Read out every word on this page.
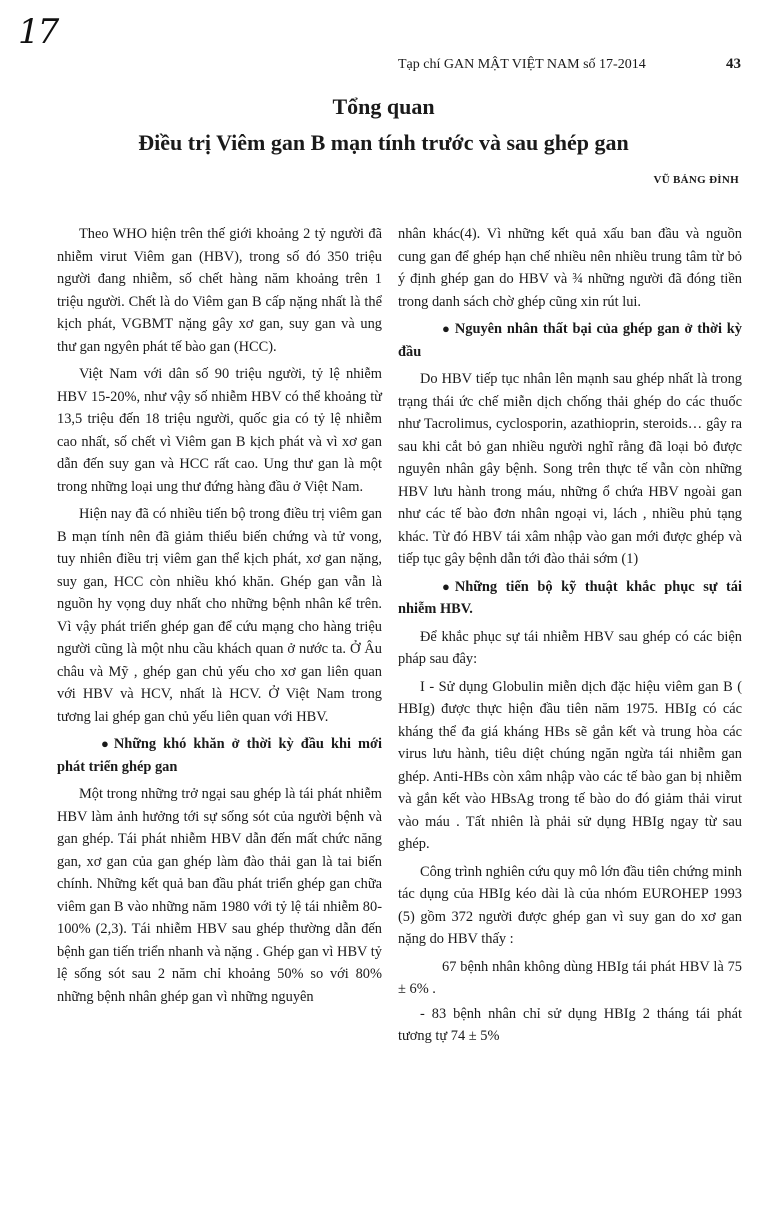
17
Tạp chí GAN MẬT VIỆT NAM số 17-2014	43
Tổng quan
Điều trị Viêm gan B mạn tính trước và sau ghép gan
VŨ BẢNG ĐÌNH

Theo WHO hiện trên thế giới khoảng 2 tỷ người đã nhiễm virut Viêm gan (HBV), trong số đó 350 triệu người đang nhiễm, số chết hàng năm khoảng trên 1 triệu người. Chết là do Viêm gan B cấp nặng nhất là thể kịch phát, VGBMT nặng gây xơ gan, suy gan và ung thư gan ngyên phát tế bào gan (HCC).

Việt Nam với dân số 90 triệu người, tỷ lệ nhiễm HBV 15-20%, như vậy số nhiễm HBV có thể khoảng từ 13,5 triệu đến 18 triệu người, quốc gia có tỷ lệ nhiễm cao nhất, số chết vì Viêm gan B kịch phát và vì xơ gan dẫn đến suy gan và HCC rất cao. Ung thư gan là một trong những loại ung thư đứng hàng đầu ở Việt Nam.

Hiện nay đã có nhiều tiến bộ trong điều trị viêm gan B mạn tính nên đã giảm thiểu biến chứng và tử vong, tuy nhiên điều trị viêm gan thể kịch phát, xơ gan nặng, suy gan, HCC còn nhiều khó khăn. Ghép gan vẫn là nguồn hy vọng duy nhất cho những bệnh nhân kể trên. Vì vậy phát triển ghép gan để cứu mạng cho hàng triệu người cũng là một nhu cầu khách quan ở nước ta. Ở Âu châu và Mỹ , ghép gan chủ yếu cho xơ gan liên quan với HBV và HCV, nhất là HCV. Ở Việt Nam trong tương lai ghép gan chủ yếu liên quan với HBV.

● Những khó khăn ở thời kỳ đầu khi mới phát triển ghép gan

Một trong những trở ngại sau ghép là tái phát nhiễm HBV làm ảnh hưởng tới sự sống sót của người bệnh và gan ghép. Tái phát nhiễm HBV dẫn đến mất chức năng gan, xơ gan của gan ghép làm đào thải gan là tai biến chính. Những kết quả ban đầu phát triển ghép gan chữa viêm gan B vào những năm 1980 với tỷ lệ tái nhiễm 80-100% (2,3). Tái nhiễm HBV sau ghép thường dẫn đến bệnh gan tiến triển nhanh và nặng . Ghép gan vì HBV tỷ lệ sống sót sau 2 năm chỉ khoảng 50% so với 80% những bệnh nhân ghép gan vì những nguyên

nhân khác(4). Vì những kết quả xấu ban đầu và nguồn cung gan để ghép hạn chế nhiều nên nhiều trung tâm từ bỏ ý định ghép gan do HBV và ¾ những người đã đóng tiền trong danh sách chờ ghép cũng xin rút lui.

● Nguyên nhân thất bại của ghép gan ở thời kỳ đầu

Do HBV tiếp tục nhân lên mạnh sau ghép nhất là trong trạng thái ức chế miễn dịch chống thải ghép do các thuốc như Tacrolimus, cyclosporin, azathioprin, steroids… gây ra sau khi cắt bỏ gan nhiều người nghĩ rằng đã loại bỏ được nguyên nhân gây bệnh. Song trên thực tế vẫn còn những HBV lưu hành trong máu, những ổ chứa HBV ngoài gan như các tế bào đơn nhân ngoại vi, lách , nhiều phủ tạng khác. Từ đó HBV tái xâm nhập vào gan mới được ghép và tiếp tục gây bệnh dẫn tới đào thải sớm (1)

● Những tiến bộ kỹ thuật khắc phục sự tái nhiễm HBV.

Để khắc phục sự tái nhiễm HBV sau ghép có các biện pháp sau đây:

I - Sử dụng Globulin miễn dịch đặc hiệu viêm gan B ( HBIg) được thực hiện đầu tiên năm 1975. HBIg có các kháng thể đa giá kháng HBs sẽ gắn kết và trung hòa các virus lưu hành, tiêu diệt chúng ngăn ngừa tái nhiễm gan ghép. Anti-HBs còn xâm nhập vào các tế bào gan bị nhiễm và gắn kết vào HBsAg trong tế bào do đó giảm thải virut vào máu . Tất nhiên là phải sử dụng HBIg ngay từ sau ghép.

Công trình nghiên cứu quy mô lớn đầu tiên chứng minh tác dụng của HBIg kéo dài là của nhóm EUROHEP 1993 (5) gồm 372 người được ghép gan vì suy gan do xơ gan nặng do HBV thấy :

67 bệnh nhân không dùng HBIg tái phát HBV là 75 ± 6% .

- 83 bệnh nhân chỉ sử dụng HBIg 2 tháng tái phát tương tự 74 ± 5%
